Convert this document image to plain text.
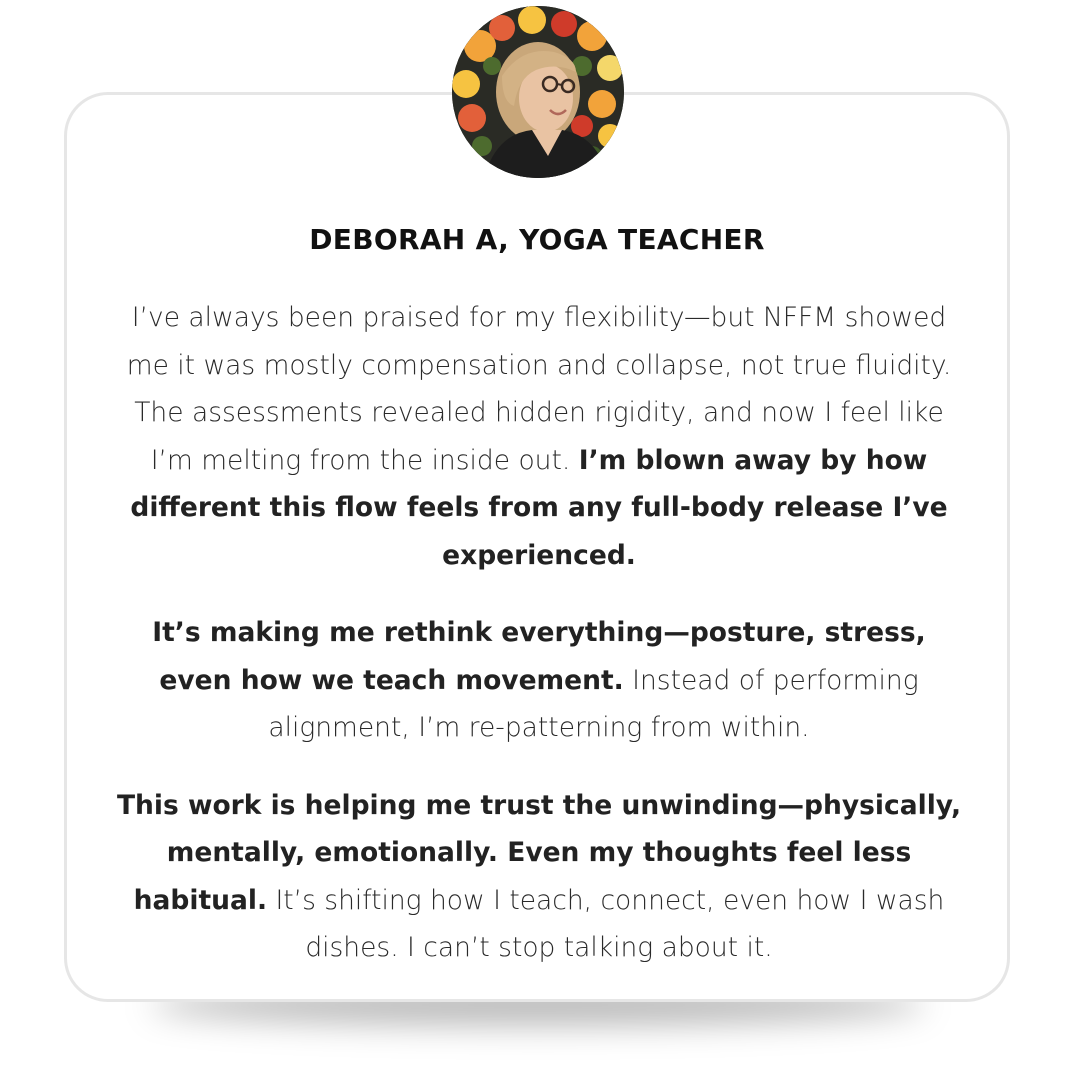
DEBORAH A, YOGA TEACHER

I’ve always been praised for my flexibility—but NFFM showed me it was mostly compensation and collapse, not true fluidity. The assessments revealed hidden rigidity, and now I feel like I’m melting from the inside out. I’m blown away by how different this flow feels from any full-body release I’ve experienced.

It’s making me rethink everything—posture, stress, even how we teach movement. Instead of performing alignment, I’m re-patterning from within.

This work is helping me trust the unwinding—physically, mentally, emotionally. Even my thoughts feel less habitual. It’s shifting how I teach, connect, even how I wash dishes. I can’t stop talking about it.
